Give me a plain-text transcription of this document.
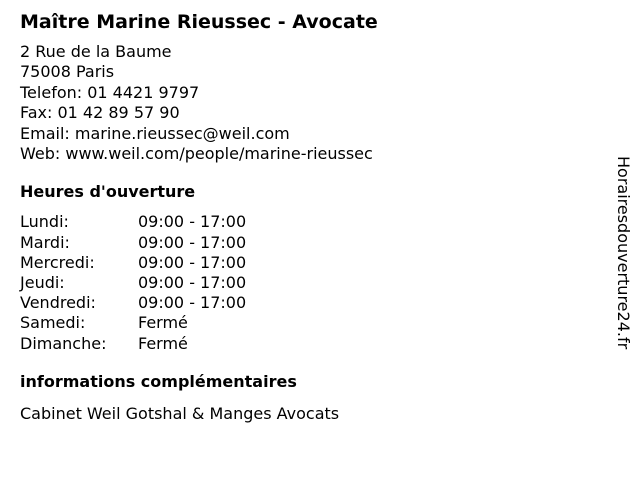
Maître Marine Rieussec - Avocate
2 Rue de la Baume
75008 Paris
Telefon: 01 4421 9797
Fax: 01 42 89 57 90
Email: marine.rieussec@weil.com
Web: www.weil.com/people/marine-rieussec
Heures d'ouverture
Lundi:	09:00 - 17:00
Mardi:	09:00 - 17:00
Mercredi:	09:00 - 17:00
Jeudi:	09:00 - 17:00
Vendredi:	09:00 - 17:00
Samedi:	Fermé
Dimanche:	Fermé
informations complémentaires
Cabinet Weil Gotshal & Manges Avocats
Horairesdouverture24.fr
